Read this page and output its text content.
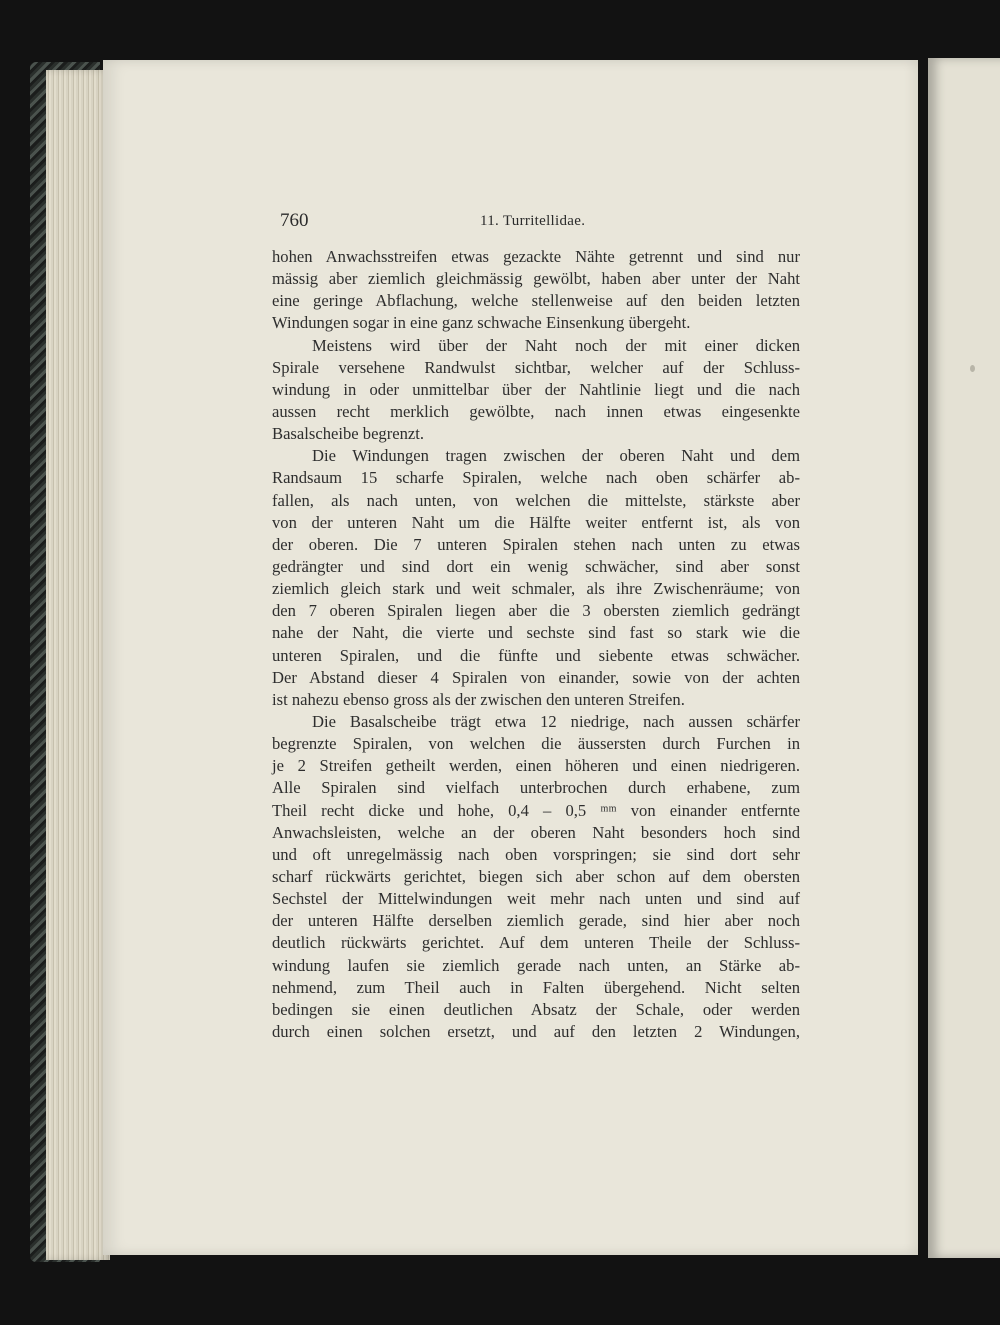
760	11. Turritellidae.
hohen Anwachsstreifen etwas gezackte Nähte getrennt und sind nur
mässig aber ziemlich gleichmässig gewölbt, haben aber unter der Naht
eine geringe Abflachung, welche stellenweise auf den beiden letzten
Windungen sogar in eine ganz schwache Einsenkung übergeht.
Meistens wird über der Naht noch der mit einer dicken
Spirale versehene Randwulst sichtbar, welcher auf der Schluss-
windung in oder unmittelbar über der Nahtlinie liegt und die nach
aussen recht merklich gewölbte, nach innen etwas eingesenkte
Basalscheibe begrenzt.
Die Windungen tragen zwischen der oberen Naht und dem
Randsaum 15 scharfe Spiralen, welche nach oben schärfer ab-
fallen, als nach unten, von welchen die mittelste, stärkste aber
von der unteren Naht um die Hälfte weiter entfernt ist, als von
der oberen. Die 7 unteren Spiralen stehen nach unten zu etwas
gedrängter und sind dort ein wenig schwächer, sind aber sonst
ziemlich gleich stark und weit schmaler, als ihre Zwischenräume; von
den 7 oberen Spiralen liegen aber die 3 obersten ziemlich gedrängt
nahe der Naht, die vierte und sechste sind fast so stark wie die
unteren Spiralen, und die fünfte und siebente etwas schwächer.
Der Abstand dieser 4 Spiralen von einander, sowie von der achten
ist nahezu ebenso gross als der zwischen den unteren Streifen.
Die Basalscheibe trägt etwa 12 niedrige, nach aussen schärfer
begrenzte Spiralen, von welchen die äussersten durch Furchen in
je 2 Streifen getheilt werden, einen höheren und einen niedrigeren.
Alle Spiralen sind vielfach unterbrochen durch erhabene, zum
Theil recht dicke und hohe, 0,4 – 0,5 ᵐᵐ von einander entfernte
Anwachsleisten, welche an der oberen Naht besonders hoch sind
und oft unregelmässig nach oben vorspringen; sie sind dort sehr
scharf rückwärts gerichtet, biegen sich aber schon auf dem obersten
Sechstel der Mittelwindungen weit mehr nach unten und sind auf
der unteren Hälfte derselben ziemlich gerade, sind hier aber noch
deutlich rückwärts gerichtet. Auf dem unteren Theile der Schluss-
windung laufen sie ziemlich gerade nach unten, an Stärke ab-
nehmend, zum Theil auch in Falten übergehend. Nicht selten
bedingen sie einen deutlichen Absatz der Schale, oder werden
durch einen solchen ersetzt, und auf den letzten 2 Windungen,
